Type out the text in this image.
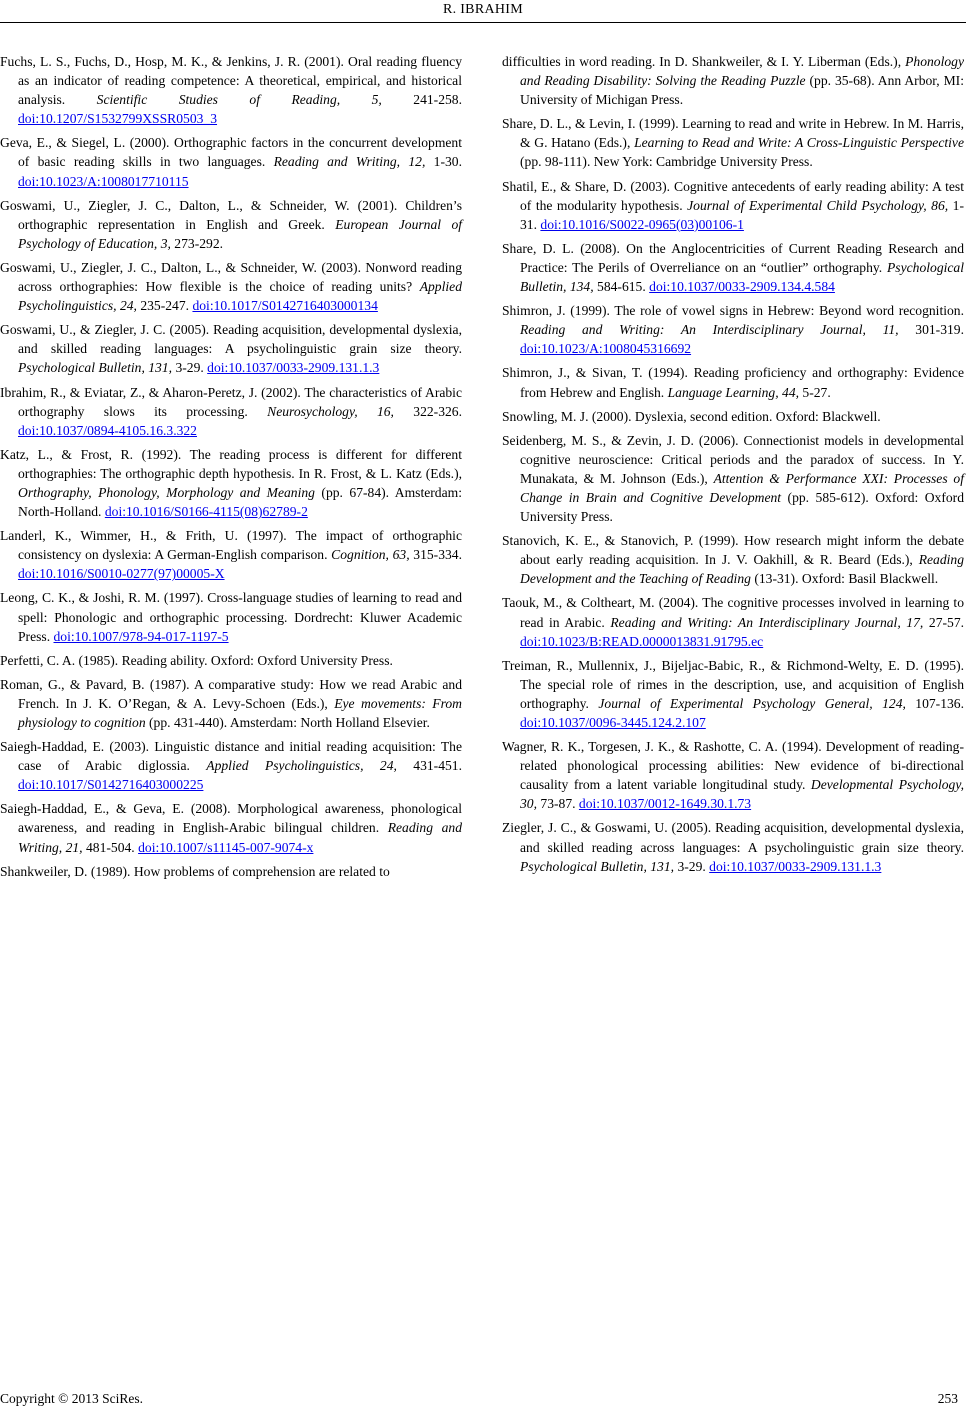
R. IBRAHIM

Fuchs, L. S., Fuchs, D., Hosp, M. K., & Jenkins, J. R. (2001). Oral reading fluency as an indicator of reading competence: A theoretical, empirical, and historical analysis. Scientific Studies of Reading, 5, 241-258. doi:10.1207/S1532799XSSR0503_3

Geva, E., & Siegel, L. (2000). Orthographic factors in the concurrent development of basic reading skills in two languages. Reading and Writing, 12, 1-30. doi:10.1023/A:1008017710115

Goswami, U., Ziegler, J. C., Dalton, L., & Schneider, W. (2001). Children’s orthographic representation in English and Greek. European Journal of Psychology of Education, 3, 273-292.

Goswami, U., Ziegler, J. C., Dalton, L., & Schneider, W. (2003). Nonword reading across orthographies: How flexible is the choice of reading units? Applied Psycholinguistics, 24, 235-247. doi:10.1017/S0142716403000134

Goswami, U., & Ziegler, J. C. (2005). Reading acquisition, developmental dyslexia, and skilled reading languages: A psycholinguistic grain size theory. Psychological Bulletin, 131, 3-29. doi:10.1037/0033-2909.131.1.3

Ibrahim, R., & Eviatar, Z., & Aharon-Peretz, J. (2002). The characteristics of Arabic orthography slows its processing. Neurosychology, 16, 322-326. doi:10.1037/0894-4105.16.3.322

Katz, L., & Frost, R. (1992). The reading process is different for different orthographies: The orthographic depth hypothesis. In R. Frost, & L. Katz (Eds.), Orthography, Phonology, Morphology and Meaning (pp. 67-84). Amsterdam: North-Holland. doi:10.1016/S0166-4115(08)62789-2

Landerl, K., Wimmer, H., & Frith, U. (1997). The impact of orthographic consistency on dyslexia: A German-English comparison. Cognition, 63, 315-334. doi:10.1016/S0010-0277(97)00005-X

Leong, C. K., & Joshi, R. M. (1997). Cross-language studies of learning to read and spell: Phonologic and orthographic processing. Dordrecht: Kluwer Academic Press. doi:10.1007/978-94-017-1197-5

Perfetti, C. A. (1985). Reading ability. Oxford: Oxford University Press.

Roman, G., & Pavard, B. (1987). A comparative study: How we read Arabic and French. In J. K. O’Regan, & A. Levy-Schoen (Eds.), Eye movements: From physiology to cognition (pp. 431-440). Amsterdam: North Holland Elsevier.

Saiegh-Haddad, E. (2003). Linguistic distance and initial reading acquisition: The case of Arabic diglossia. Applied Psycholinguistics, 24, 431-451. doi:10.1017/S0142716403000225

Saiegh-Haddad, E., & Geva, E. (2008). Morphological awareness, phonological awareness, and reading in English-Arabic bilingual children. Reading and Writing, 21, 481-504. doi:10.1007/s11145-007-9074-x

Shankweiler, D. (1989). How problems of comprehension are related to

difficulties in word reading. In D. Shankweiler, & I. Y. Liberman (Eds.), Phonology and Reading Disability: Solving the Reading Puzzle (pp. 35-68). Ann Arbor, MI: University of Michigan Press.

Share, D. L., & Levin, I. (1999). Learning to read and write in Hebrew. In M. Harris, & G. Hatano (Eds.), Learning to Read and Write: A Cross-Linguistic Perspective (pp. 98-111). New York: Cambridge University Press.

Shatil, E., & Share, D. (2003). Cognitive antecedents of early reading ability: A test of the modularity hypothesis. Journal of Experimental Child Psychology, 86, 1-31. doi:10.1016/S0022-0965(03)00106-1

Share, D. L. (2008). On the Anglocentricities of Current Reading Research and Practice: The Perils of Overreliance on an “outlier” orthography. Psychological Bulletin, 134, 584-615. doi:10.1037/0033-2909.134.4.584

Shimron, J. (1999). The role of vowel signs in Hebrew: Beyond word recognition. Reading and Writing: An Interdisciplinary Journal, 11, 301-319. doi:10.1023/A:1008045316692

Shimron, J., & Sivan, T. (1994). Reading proficiency and orthography: Evidence from Hebrew and English. Language Learning, 44, 5-27.

Snowling, M. J. (2000). Dyslexia, second edition. Oxford: Blackwell.

Seidenberg, M. S., & Zevin, J. D. (2006). Connectionist models in developmental cognitive neuroscience: Critical periods and the paradox of success. In Y. Munakata, & M. Johnson (Eds.), Attention & Performance XXI: Processes of Change in Brain and Cognitive Development (pp. 585-612). Oxford: Oxford University Press.

Stanovich, K. E., & Stanovich, P. (1999). How research might inform the debate about early reading acquisition. In J. V. Oakhill, & R. Beard (Eds.), Reading Development and the Teaching of Reading (13-31). Oxford: Basil Blackwell.

Taouk, M., & Coltheart, M. (2004). The cognitive processes involved in learning to read in Arabic. Reading and Writing: An Interdisciplinary Journal, 17, 27-57. doi:10.1023/B:READ.0000013831.91795.ec

Treiman, R., Mullennix, J., Bijeljac-Babic, R., & Richmond-Welty, E. D. (1995). The special role of rimes in the description, use, and acquisition of English orthography. Journal of Experimental Psychology General, 124, 107-136. doi:10.1037/0096-3445.124.2.107

Wagner, R. K., Torgesen, J. K., & Rashotte, C. A. (1994). Development of reading-related phonological processing abilities: New evidence of bi-directional causality from a latent variable longitudinal study. Developmental Psychology, 30, 73-87. doi:10.1037/0012-1649.30.1.73

Ziegler, J. C., & Goswami, U. (2005). Reading acquisition, developmental dyslexia, and skilled reading across languages: A psycholinguistic grain size theory. Psychological Bulletin, 131, 3-29. doi:10.1037/0033-2909.131.1.3

Copyright © 2013 SciRes.	253
